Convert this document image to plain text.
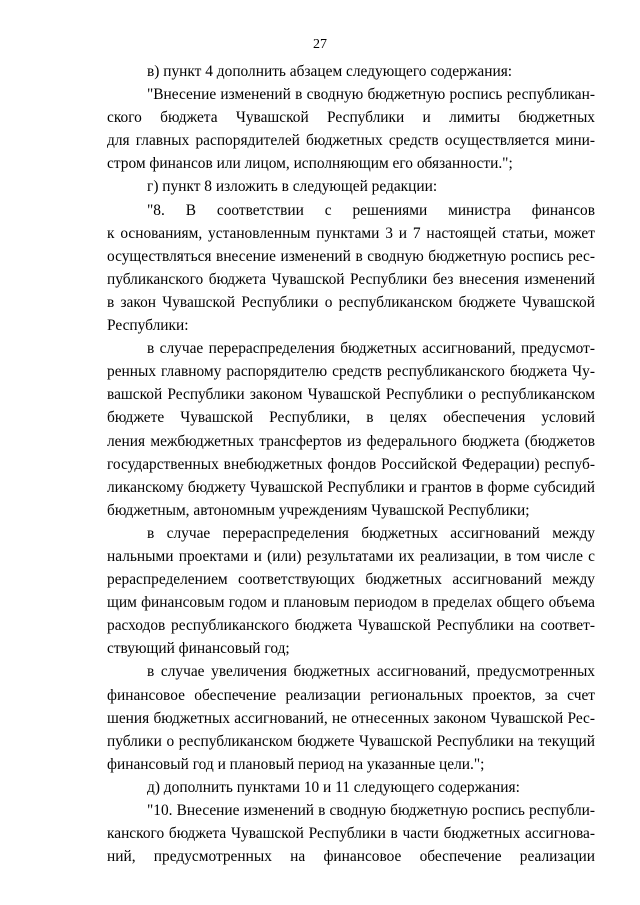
27
в) пункт 4 дополнить абзацем следующего содержания:
"Внесение изменений в сводную бюджетную роспись республикан-
ского бюджета Чувашской Республики и лимиты бюджетных
для главных распорядителей бюджетных средств осуществляется мини-
стром финансов или лицом, исполняющим его обязанности.";
г) пункт 8 изложить в следующей редакции:
"8. В соответствии с решениями министра финансов
к основаниям, установленным пунктами 3 и 7 настоящей статьи, может
осуществляться внесение изменений в сводную бюджетную роспись рес-
публиканского бюджета Чувашской Республики без внесения изменений
в закон Чувашской Республики о республиканском бюджете Чувашской
Республики:
в случае перераспределения бюджетных ассигнований, предусмот-
ренных главному распорядителю средств республиканского бюджета Чу-
вашской Республики законом Чувашской Республики о республиканском
бюджете Чувашской Республики, в целях обеспечения условий
ления межбюджетных трансфертов из федерального бюджета (бюджетов
государственных внебюджетных фондов Российской Федерации) респуб-
ликанскому бюджету Чувашской Республики и грантов в форме субсидий
бюджетным, автономным учреждениям Чувашской Республики;
в случае перераспределения бюджетных ассигнований между
нальными проектами и (или) результатами их реализации, в том числе с
рераспределением соответствующих бюджетных ассигнований между
щим финансовым годом и плановым периодом в пределах общего объема
расходов республиканского бюджета Чувашской Республики на соответ-
ствующий финансовый год;
в случае увеличения бюджетных ассигнований, предусмотренных
финансовое обеспечение реализации региональных проектов, за счет
шения бюджетных ассигнований, не отнесенных законом Чувашской Рес-
публики о республиканском бюджете Чувашской Республики на текущий
финансовый год и плановый период на указанные цели.";
д) дополнить пунктами 10 и 11 следующего содержания:
"10. Внесение изменений в сводную бюджетную роспись республи-
канского бюджета Чувашской Республики в части бюджетных ассигнова-
ний, предусмотренных на финансовое обеспечение реализации
